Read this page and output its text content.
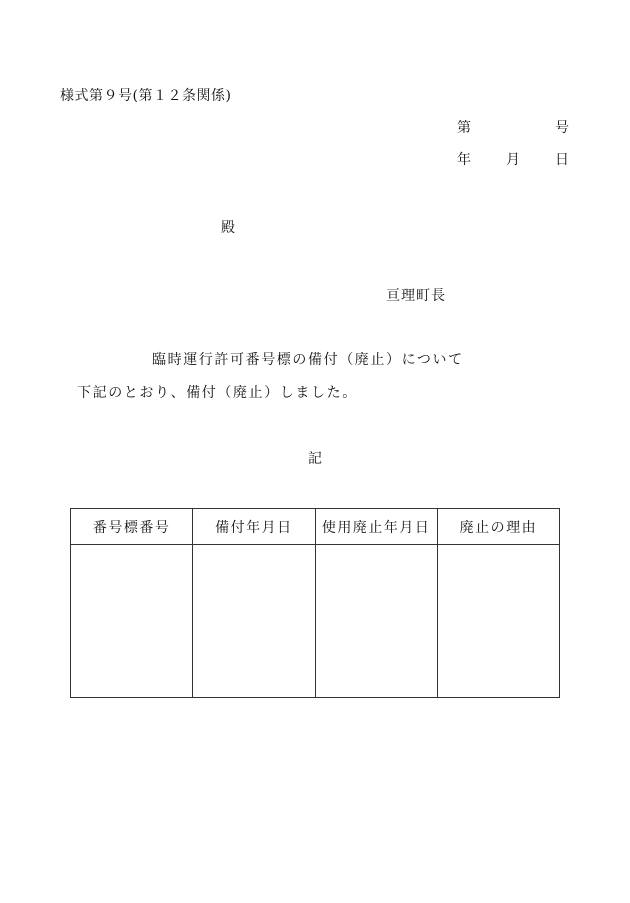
様式第９号(第１２条関係)
第	号
年	月	日
殿
亘理町長
臨時運行許可番号標の備付（廃止）について
下記のとおり、備付（廃止）しました。
記
番号標番号	備付年月日	使用廃止年月日	廃止の理由
